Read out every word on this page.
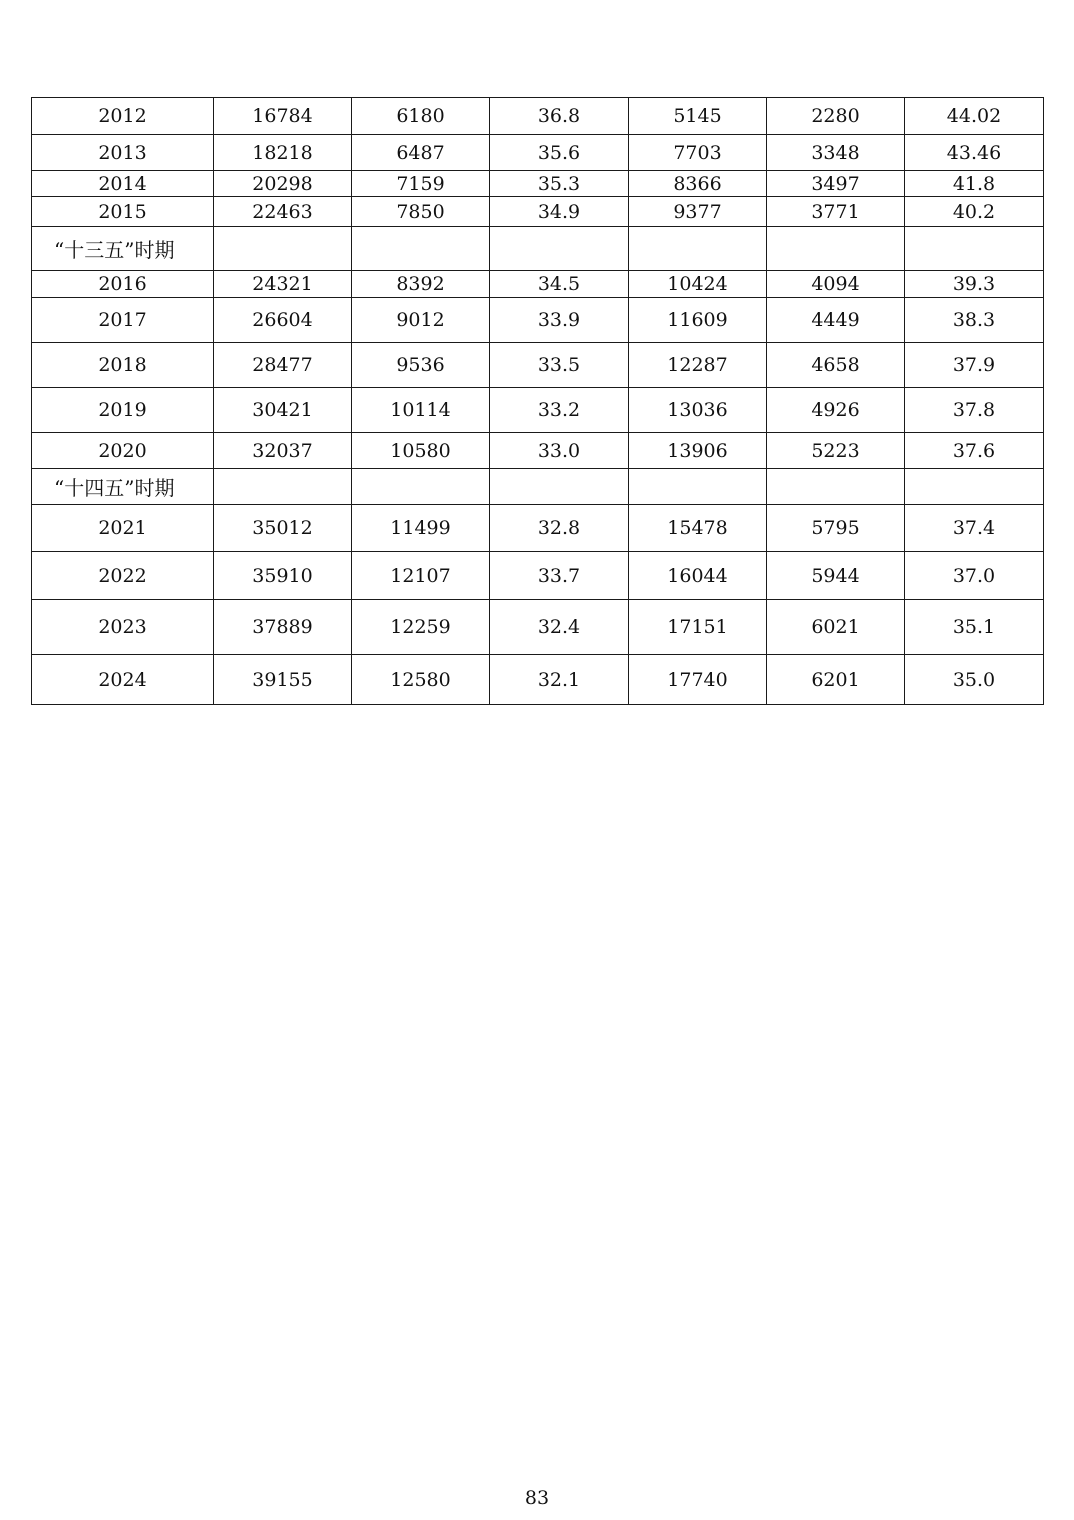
2012	16784	6180	36.8	5145	2280	44.02
2013	18218	6487	35.6	7703	3348	43.46
2014	20298	7159	35.3	8366	3497	41.8
2015	22463	7850	34.9	9377	3771	40.2
“十三五”时期						
2016	24321	8392	34.5	10424	4094	39.3
2017	26604	9012	33.9	11609	4449	38.3
2018	28477	9536	33.5	12287	4658	37.9
2019	30421	10114	33.2	13036	4926	37.8
2020	32037	10580	33.0	13906	5223	37.6
“十四五”时期						
2021	35012	11499	32.8	15478	5795	37.4
2022	35910	12107	33.7	16044	5944	37.0
2023	37889	12259	32.4	17151	6021	35.1
2024	39155	12580	32.1	17740	6201	35.0
83
